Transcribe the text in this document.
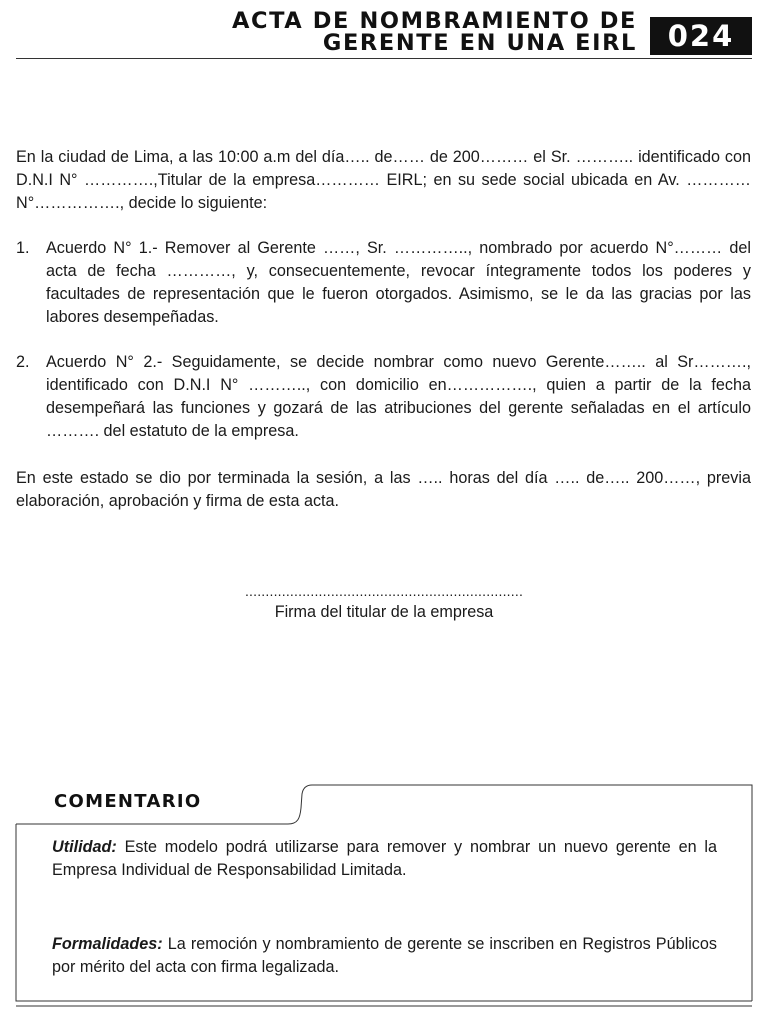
ACTA DE NOMBRAMIENTO DE
GERENTE EN UNA EIRL	024
En la ciudad de Lima, a las 10:00 a.m del día….. de…… de 200……… el Sr. ……….. identificado con D.N.I N° ………….,Titular de la empresa………… EIRL; en su sede social ubicada en Av. ………… N°……………., decide lo siguiente:
1.	Acuerdo N° 1.- Remover al Gerente ……, Sr. ………….., nombrado por acuerdo N°……… del acta de fecha …………, y, consecuentemente, revocar íntegramente todos los poderes y facultades de representación que le fueron otorgados. Asimismo, se le da las gracias por las labores desempeñadas.
2.	Acuerdo N° 2.- Seguidamente, se decide nombrar como nuevo Gerente…….. al Sr………., identificado con D.N.I N° ……….., con domicilio en……………., quien a partir de la fecha desempeñará las funciones y gozará de las atribuciones del gerente señaladas en el artículo ………. del estatuto de la empresa.
En este estado se dio por terminada la sesión, a las ….. horas del día ….. de….. 200……, previa elaboración, aprobación y firma de esta acta.
....................................................................
Firma del titular de la empresa
COMENTARIO
Utilidad: Este modelo podrá utilizarse para remover y nombrar un nuevo gerente en la Empresa Individual de Responsabilidad Limitada.
Formalidades: La remoción y nombramiento de gerente se inscriben en Registros Públicos por mérito del acta con firma legalizada.
